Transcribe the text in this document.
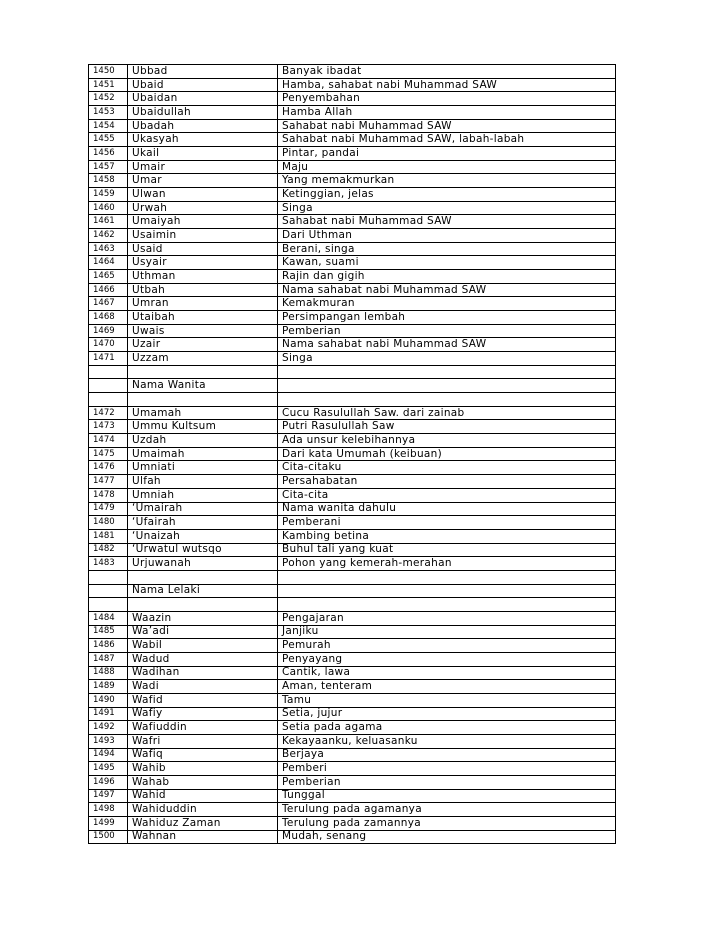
1450	Ubbad	Banyak ibadat
1451	Ubaid	Hamba, sahabat nabi Muhammad SAW
1452	Ubaidan	Penyembahan
1453	Ubaidullah	Hamba Allah
1454	Ubadah	Sahabat nabi Muhammad SAW
1455	Ukasyah	Sahabat nabi Muhammad SAW, labah-labah
1456	Ukail	Pintar, pandai
1457	Umair	Maju
1458	Umar	Yang memakmurkan
1459	Ulwan	Ketinggian, jelas
1460	Urwah	Singa
1461	Umaiyah	Sahabat nabi Muhammad SAW
1462	Usaimin	Dari Uthman
1463	Usaid	Berani, singa
1464	Usyair	Kawan, suami
1465	Uthman	Rajin dan gigih
1466	Utbah	Nama sahabat nabi Muhammad SAW
1467	Umran	Kemakmuran
1468	Utaibah	Persimpangan lembah
1469	Uwais	Pemberian
1470	Uzair	Nama sahabat nabi Muhammad SAW
1471	Uzzam	Singa

	Nama Wanita	

1472	Umamah	Cucu Rasulullah Saw. dari zainab
1473	Ummu Kultsum	Putri Rasulullah Saw
1474	Uzdah	Ada unsur kelebihannya
1475	Umaimah	Dari kata Umumah (keibuan)
1476	Umniati	Cita-citaku
1477	Ulfah	Persahabatan
1478	Umniah	Cita-cita
1479	‘Umairah	Nama wanita dahulu
1480	‘Ufairah	Pemberani
1481	‘Unaizah	Kambing betina
1482	‘Urwatul wutsqo	Buhul tali yang kuat
1483	Urjuwanah	Pohon yang kemerah-merahan

	Nama Lelaki	

1484	Waazin	Pengajaran
1485	Wa’adi	Janjiku
1486	Wabil	Pemurah
1487	Wadud	Penyayang
1488	Wadihan	Cantik, lawa
1489	Wadi	Aman, tenteram
1490	Wafid	Tamu
1491	Wafiy	Setia, jujur
1492	Wafiuddin	Setia pada agama
1493	Wafri	Kekayaanku, keluasanku
1494	Wafiq	Berjaya
1495	Wahib	Pemberi
1496	Wahab	Pemberian
1497	Wahid	Tunggal
1498	Wahiduddin	Terulung pada agamanya
1499	Wahiduz Zaman	Terulung pada zamannya
1500	Wahnan	Mudah, senang
